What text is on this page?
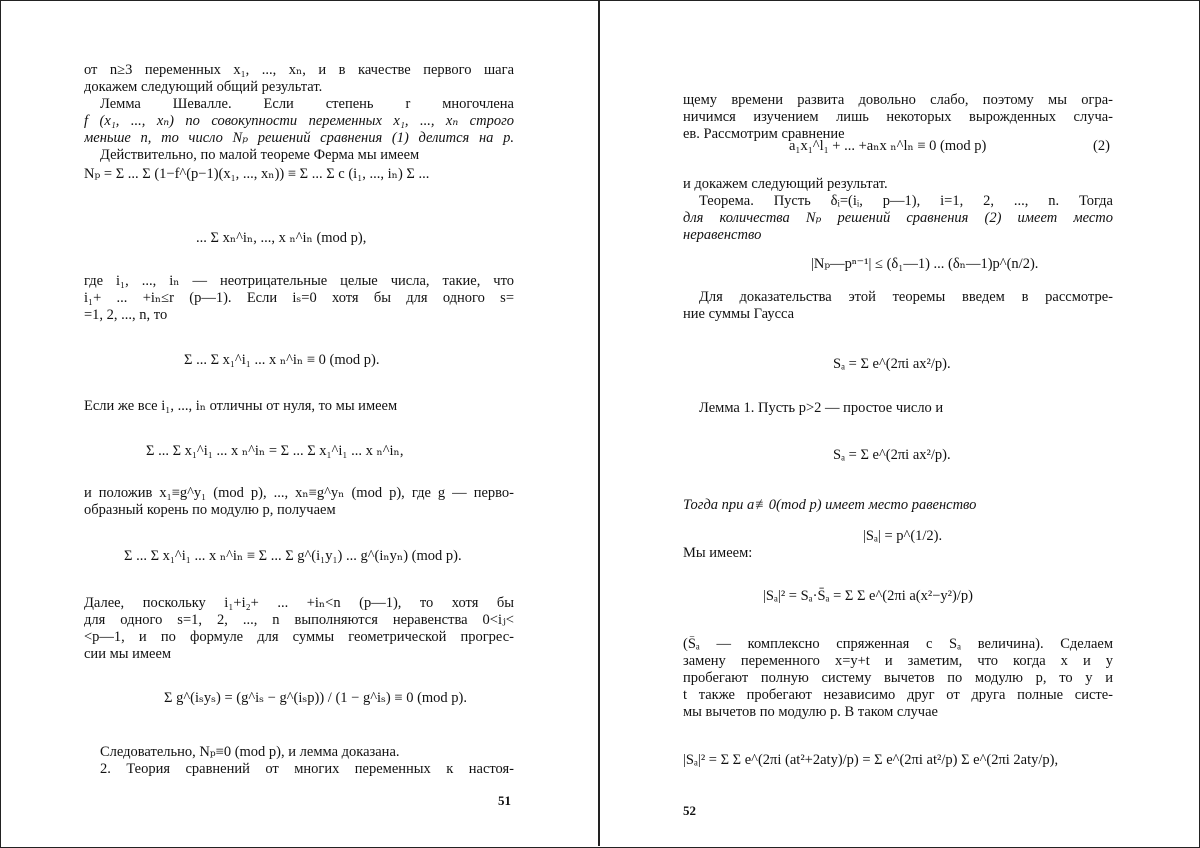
от n≥3 переменных x₁, ..., xₙ, и в качестве первого шага
докажем следующий общий результат.
Лемма Шевалле. Если степень r многочлена
f (x₁, ..., xₙ) по совокупности переменных x₁, ..., xₙ строго
меньше n, то число Nₚ решений сравнения (1) делится на p.
Действительно, по малой теореме Ферма мы имеем
Nₚ = Σ ... Σ (1−f^(p−1)(x₁, ..., xₙ)) ≡ Σ ... Σ c (i₁, ..., iₙ) Σ ...
... Σ xₙ^iₙ, ..., x ₙ^iₙ (mod p),
где i₁, ..., iₙ — неотрицательные целые числа, такие, что
i₁+ ... +iₙ≤r (p—1). Если iₛ=0 хотя бы для одного s=
=1, 2, ..., n, то
Σ ... Σ x₁^i₁ ... x ₙ^iₙ ≡ 0 (mod p).
Если же все i₁, ..., iₙ отличны от нуля, то мы имеем
Σ ... Σ x₁^i₁ ... x ₙ^iₙ = Σ ... Σ x₁^i₁ ... x ₙ^iₙ,
и положив x₁≡g^y₁ (mod p), ..., xₙ≡g^yₙ (mod p), где g — перво-
образный корень по модулю p, получаем
Σ ... Σ x₁^i₁ ... x ₙ^iₙ ≡ Σ ... Σ g^(i₁y₁) ... g^(iₙyₙ) (mod p).
Далее, поскольку i₁+i₂+ ... +iₙ<n (p—1), то хотя бы
для одного s=1, 2, ..., n выполняются неравенства 0<iⱼ<
<p—1, и по формуле для суммы геометрической прогрес-
сии мы имеем
Σ g^(iₛyₛ) = (g^iₛ − g^(iₛp)) / (1 − g^iₛ) ≡ 0 (mod p).
Следовательно, Nₚ≡0 (mod p), и лемма доказана.
2. Теория сравнений от многих переменных к настоя-
51
щему времени развита довольно слабо, поэтому мы огра-
ничимся изучением лишь некоторых вырожденных случа-
ев. Рассмотрим сравнение
a₁x₁^l₁ + ... +aₙx ₙ^lₙ ≡ 0 (mod p)	(2)
и докажем следующий результат.
Теорема. Пусть δᵢ=(iᵢ, p—1), i=1, 2, ..., n. Тогда
для количества Nₚ решений сравнения (2) имеет место
неравенство
|Nₚ—pⁿ⁻¹| ≤ (δ₁—1) ... (δₙ—1)p^(n/2).
Для доказательства этой теоремы введем в рассмотре-
ние суммы Гаусса
Sₐ = Σ e^(2πi ax²/p).
Лемма 1. Пусть p>2 — простое число и
Sₐ = Σ e^(2πi ax²/p).
Тогда при a≢0(mod p) имеет место равенство
|Sₐ| = p^(1/2).
Мы имеем:
|Sₐ|² = Sₐ·S̄ₐ = Σ Σ e^(2πi a(x²−y²)/p)
(S̄ₐ — комплексно спряженная с Sₐ величина). Сделаем
замену переменного x=y+t и заметим, что когда x и y
пробегают полную систему вычетов по модулю p, то y и
t также пробегают независимо друг от друга полные систе-
мы вычетов по модулю p. В таком случае
|Sₐ|² = Σ Σ e^(2πi (at²+2aty)/p) = Σ e^(2πi at²/p) Σ e^(2πi 2aty/p),
52
